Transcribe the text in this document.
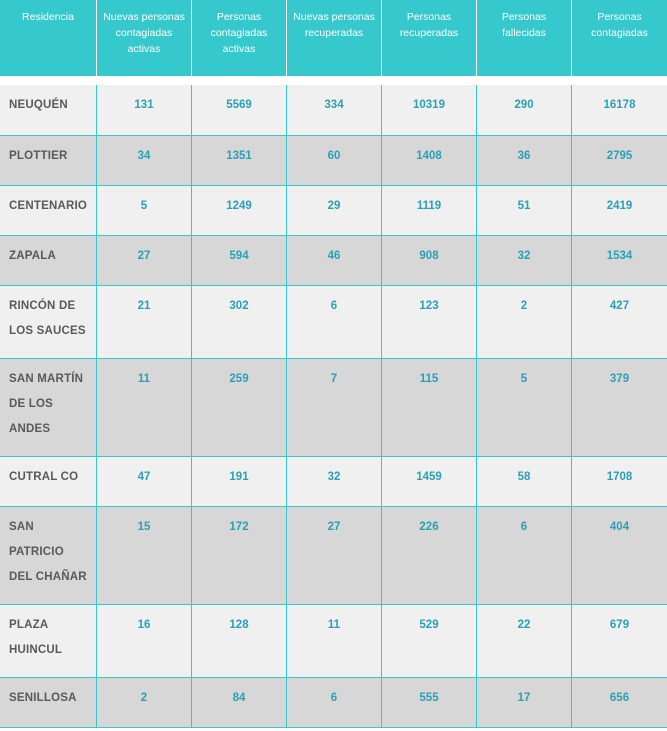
Residencia	Nuevas personas contagiadas activas	Personas contagiadas activas	Nuevas personas recuperadas	Personas recuperadas	Personas fallecidas	Personas contagiadas

NEUQUÉN	131	5569	334	10319	290	16178
PLOTTIER	34	1351	60	1408	36	2795
CENTENARIO	5	1249	29	1119	51	2419
ZAPALA	27	594	46	908	32	1534
RINCÓN DE LOS SAUCES	21	302	6	123	2	427
SAN MARTÍN DE LOS ANDES	11	259	7	115	5	379
CUTRAL CO	47	191	32	1459	58	1708
SAN PATRICIO DEL CHAÑAR	15	172	27	226	6	404
PLAZA HUINCUL	16	128	11	529	22	679
SENILLOSA	2	84	6	555	17	656
